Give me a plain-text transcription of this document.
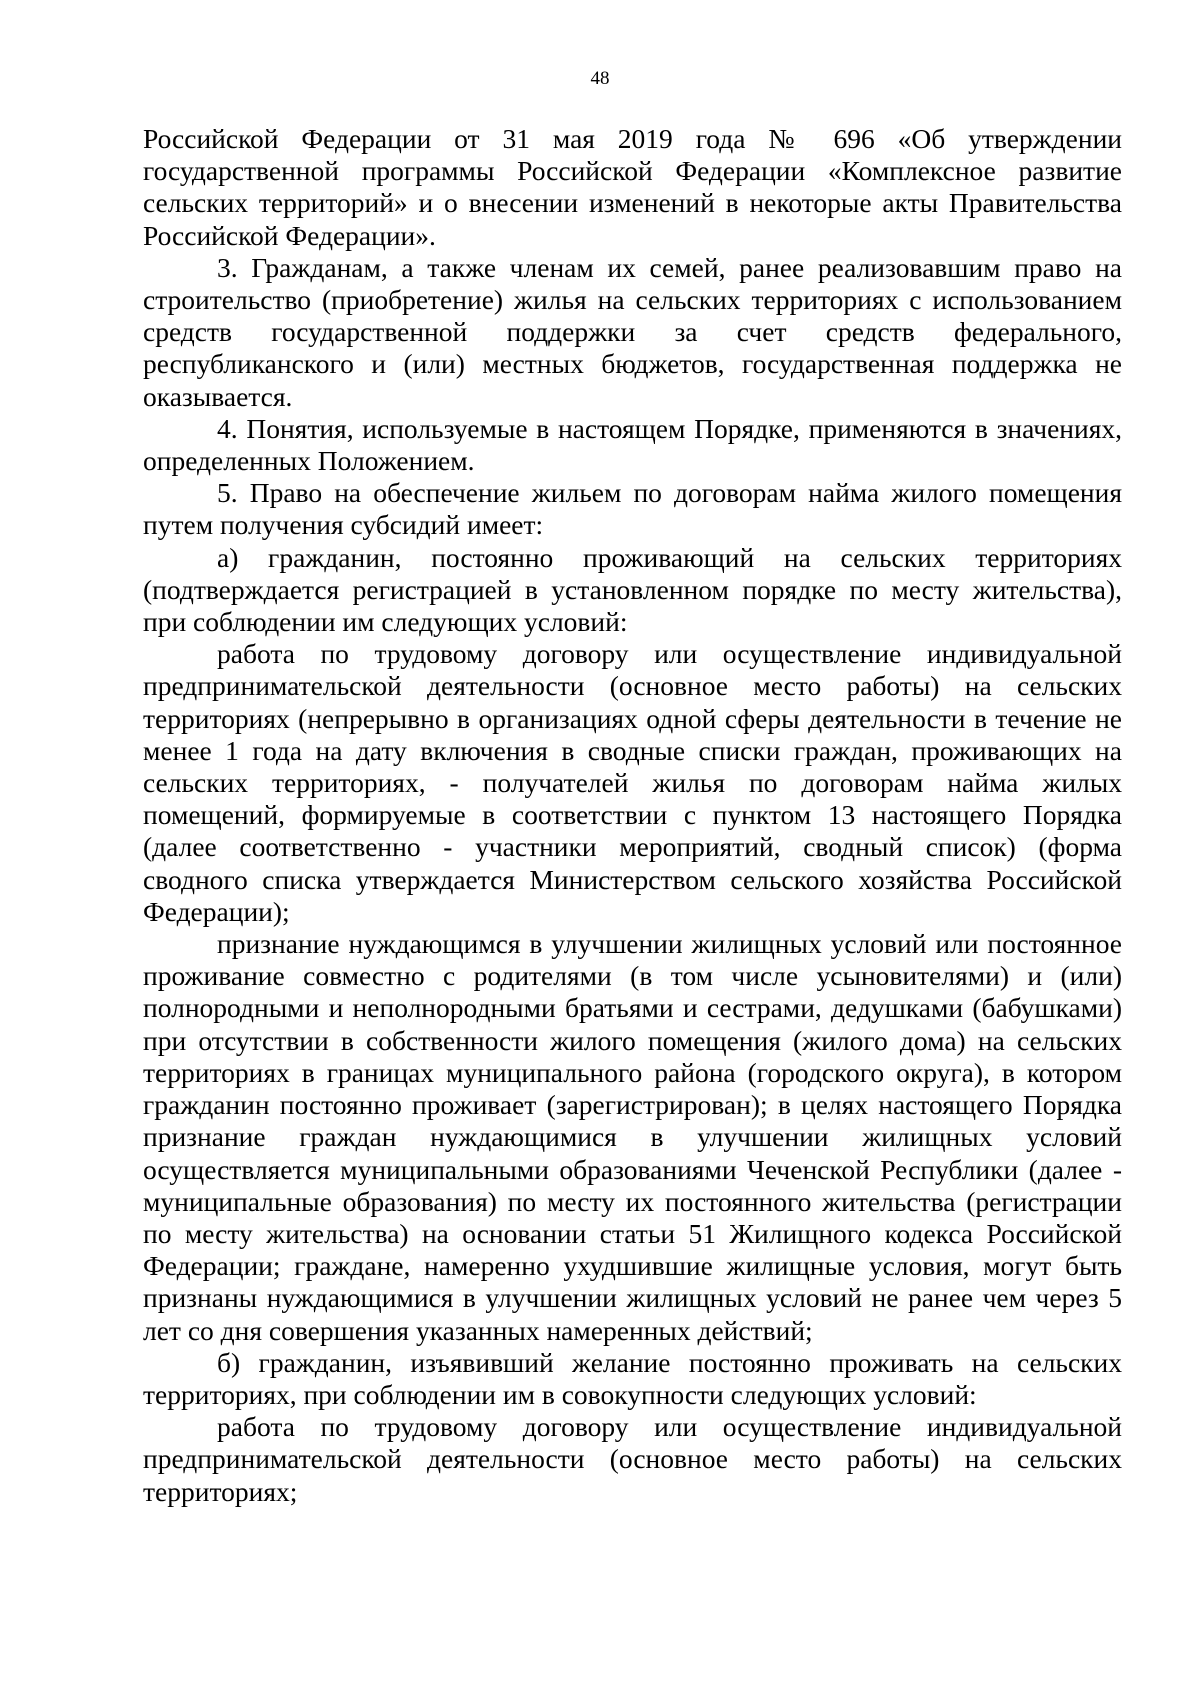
48

Российской Федерации от 31 мая 2019 года № 696 «Об утверждении государственной программы Российской Федерации «Комплексное развитие сельских территорий» и о внесении изменений в некоторые акты Правительства Российской Федерации».

3. Гражданам, а также членам их семей, ранее реализовавшим право на строительство (приобретение) жилья на сельских территориях с использованием средств государственной поддержки за счет средств федерального, республиканского и (или) местных бюджетов, государственная поддержка не оказывается.

4. Понятия, используемые в настоящем Порядке, применяются в значениях, определенных Положением.

5. Право на обеспечение жильем по договорам найма жилого помещения путем получения субсидий имеет:

а) гражданин, постоянно проживающий на сельских территориях (подтверждается регистрацией в установленном порядке по месту жительства), при соблюдении им следующих условий:

работа по трудовому договору или осуществление индивидуальной предпринимательской деятельности (основное место работы) на сельских территориях (непрерывно в организациях одной сферы деятельности в течение не менее 1 года на дату включения в сводные списки граждан, проживающих на сельских территориях, - получателей жилья по договорам найма жилых помещений, формируемые в соответствии с пунктом 13 настоящего Порядка (далее соответственно - участники мероприятий, сводный список) (форма сводного списка утверждается Министерством сельского хозяйства Российской Федерации);

признание нуждающимся в улучшении жилищных условий или постоянное проживание совместно с родителями (в том числе усыновителями) и (или) полнородными и неполнородными братьями и сестрами, дедушками (бабушками) при отсутствии в собственности жилого помещения (жилого дома) на сельских территориях в границах муниципального района (городского округа), в котором гражданин постоянно проживает (зарегистрирован); в целях настоящего Порядка признание граждан нуждающимися в улучшении жилищных условий осуществляется муниципальными образованиями Чеченской Республики (далее - муниципальные образования) по месту их постоянного жительства (регистрации по месту жительства) на основании статьи 51 Жилищного кодекса Российской Федерации; граждане, намеренно ухудшившие жилищные условия, могут быть признаны нуждающимися в улучшении жилищных условий не ранее чем через 5 лет со дня совершения указанных намеренных действий;

б) гражданин, изъявивший желание постоянно проживать на сельских территориях, при соблюдении им в совокупности следующих условий:

работа по трудовому договору или осуществление индивидуальной предпринимательской деятельности (основное место работы) на сельских территориях;
